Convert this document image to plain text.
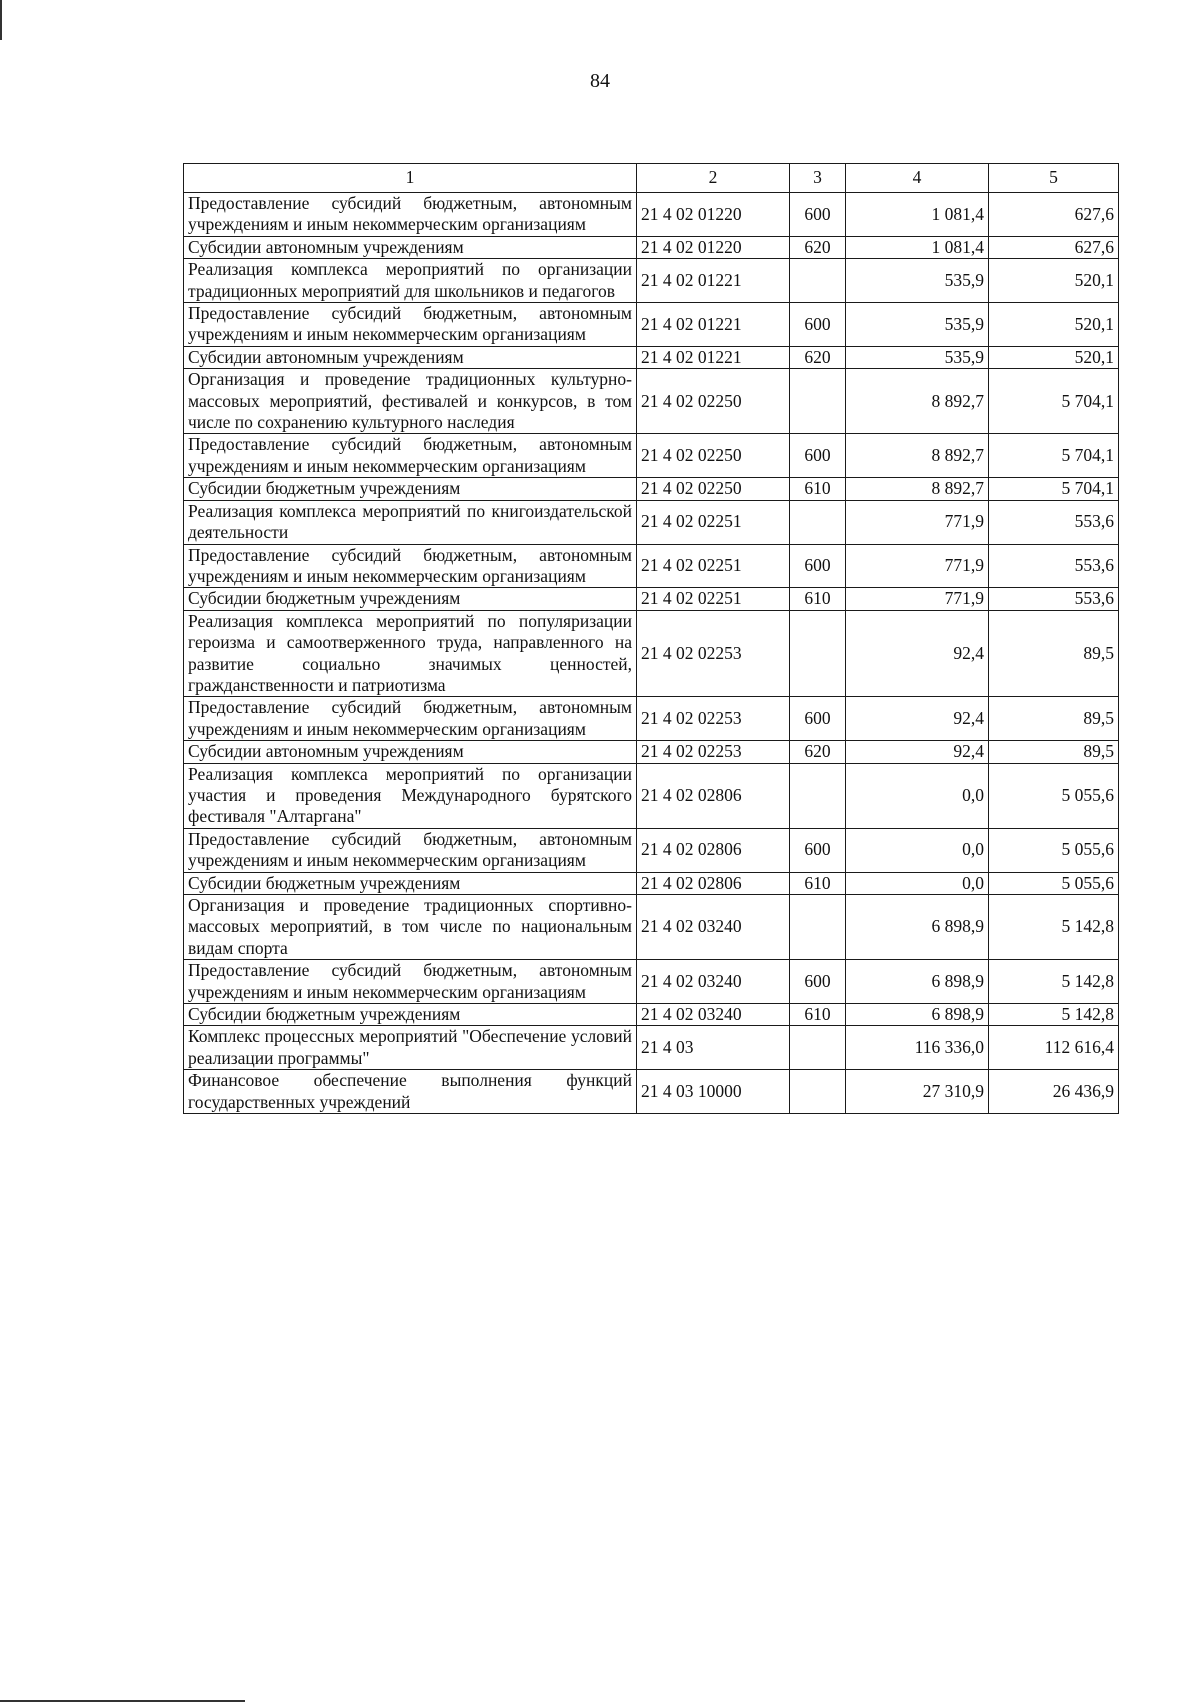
84
1	2	3	4	5
Предоставление субсидий бюджетным, автономным учреждениям и иным некоммерческим организациям	21 4 02 01220	600	1 081,4	627,6
Субсидии автономным учреждениям	21 4 02 01220	620	1 081,4	627,6
Реализация комплекса мероприятий по организации традиционных мероприятий для школьников и педагогов	21 4 02 01221		535,9	520,1
Предоставление субсидий бюджетным, автономным учреждениям и иным некоммерческим организациям	21 4 02 01221	600	535,9	520,1
Субсидии автономным учреждениям	21 4 02 01221	620	535,9	520,1
Организация и проведение традиционных культурно-массовых мероприятий, фестивалей и конкурсов, в том числе по сохранению культурного наследия	21 4 02 02250		8 892,7	5 704,1
Предоставление субсидий бюджетным, автономным учреждениям и иным некоммерческим организациям	21 4 02 02250	600	8 892,7	5 704,1
Субсидии бюджетным учреждениям	21 4 02 02250	610	8 892,7	5 704,1
Реализация комплекса мероприятий по книгоиздательской деятельности	21 4 02 02251		771,9	553,6
Предоставление субсидий бюджетным, автономным учреждениям и иным некоммерческим организациям	21 4 02 02251	600	771,9	553,6
Субсидии бюджетным учреждениям	21 4 02 02251	610	771,9	553,6
Реализация комплекса мероприятий по популяризации героизма и самоотверженного труда, направленного на развитие социально значимых ценностей, гражданственности и патриотизма	21 4 02 02253		92,4	89,5
Предоставление субсидий бюджетным, автономным учреждениям и иным некоммерческим организациям	21 4 02 02253	600	92,4	89,5
Субсидии автономным учреждениям	21 4 02 02253	620	92,4	89,5
Реализация комплекса мероприятий по организации участия и проведения Международного бурятского фестиваля "Алтаргана"	21 4 02 02806		0,0	5 055,6
Предоставление субсидий бюджетным, автономным учреждениям и иным некоммерческим организациям	21 4 02 02806	600	0,0	5 055,6
Субсидии бюджетным учреждениям	21 4 02 02806	610	0,0	5 055,6
Организация и проведение традиционных спортивно-массовых мероприятий, в том числе по национальным видам спорта	21 4 02 03240		6 898,9	5 142,8
Предоставление субсидий бюджетным, автономным учреждениям и иным некоммерческим организациям	21 4 02 03240	600	6 898,9	5 142,8
Субсидии бюджетным учреждениям	21 4 02 03240	610	6 898,9	5 142,8
Комплекс процессных мероприятий "Обеспечение условий реализации программы"	21 4 03		116 336,0	112 616,4
Финансовое обеспечение выполнения функций государственных учреждений	21 4 03 10000		27 310,9	26 436,9
